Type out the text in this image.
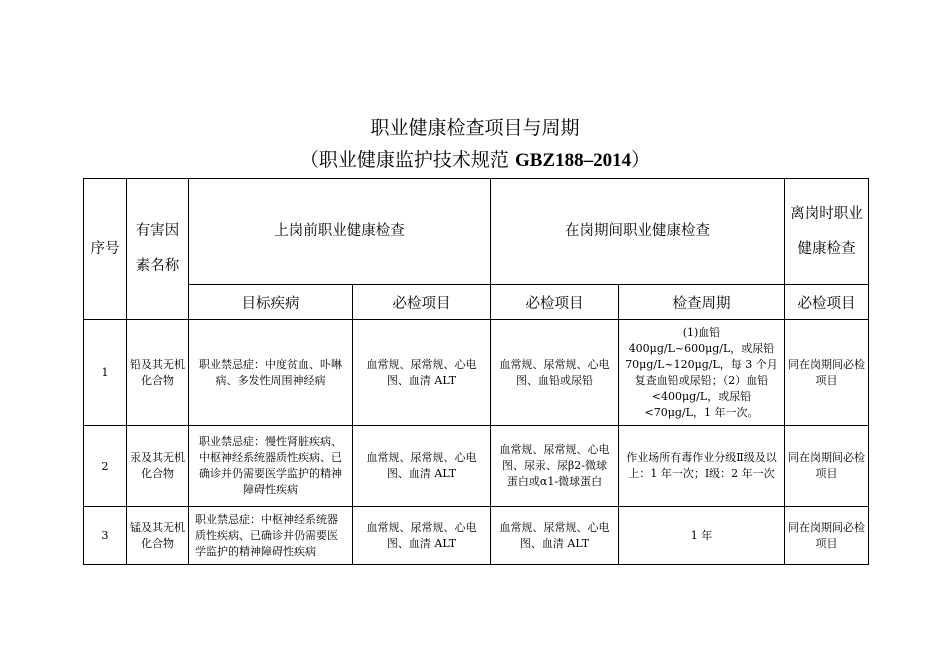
职业健康检查项目与周期
（职业健康监护技术规范 GBZ188–2014）
序号	有害因素名称	上岗前职业健康检查		在岗期间职业健康检查		离岗时职业健康检查
		目标疾病	必检项目	必检项目	检查周期	必检项目
1	铅及其无机化合物	职业禁忌症：中度贫血、卟啉病、多发性周围神经病	血常规、尿常规、心电图、血清 ALT	血常规、尿常规、心电图、血铅或尿铅	(1)血铅 400μg/L~600μg/L，或尿铅70μg/L~120μg/L，每 3 个月复查血铅或尿铅；（2）血铅<400μg/L，或尿铅<70μg/L，1 年一次。	同在岗期间必检项目
2	汞及其无机化合物	职业禁忌症：慢性肾脏疾病、中枢神经系统器质性疾病、已确诊并仍需要医学监护的精神障碍性疾病	血常规、尿常规、心电图、血清 ALT	血常规、尿常规、心电图、尿汞、尿β2-微球蛋白或α1-微球蛋白	作业场所有毒作业分级Ⅱ级及以上：1 年一次；Ⅰ级：2 年一次	同在岗期间必检项目
3	锰及其无机化合物	职业禁忌症：中枢神经系统器质性疾病、已确诊并仍需要医学监护的精神障碍性疾病	血常规、尿常规、心电图、血清 ALT	血常规、尿常规、心电图、血清 ALT	1 年	同在岗期间必检项目
